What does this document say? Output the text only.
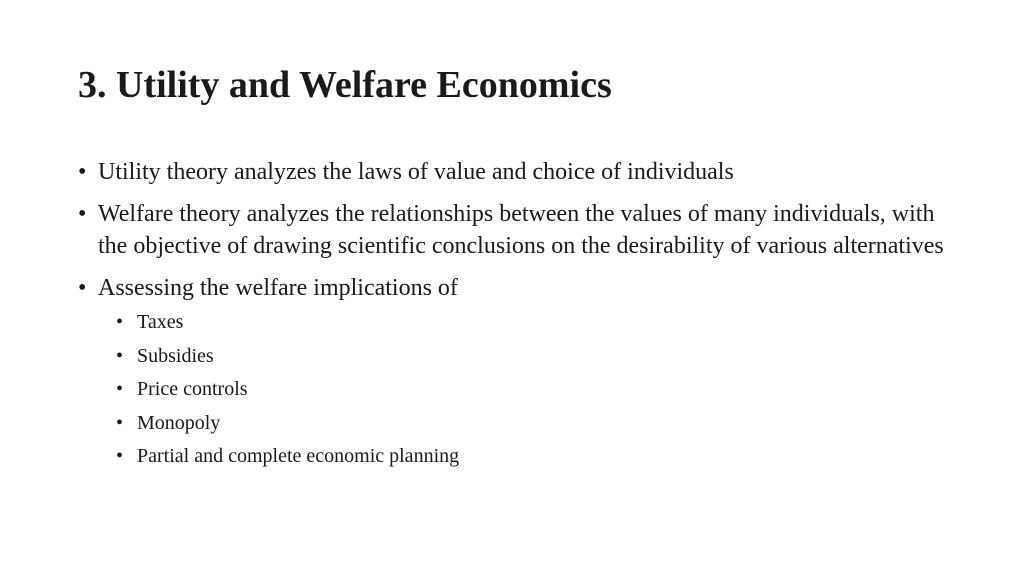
3. Utility and Welfare Economics
• Utility theory analyzes the laws of value and choice of individuals
• Welfare theory analyzes the relationships between the values of many individuals, with the objective of drawing scientific conclusions on the desirability of various alternatives
• Assessing the welfare implications of
• Taxes
• Subsidies
• Price controls
• Monopoly
• Partial and complete economic planning
